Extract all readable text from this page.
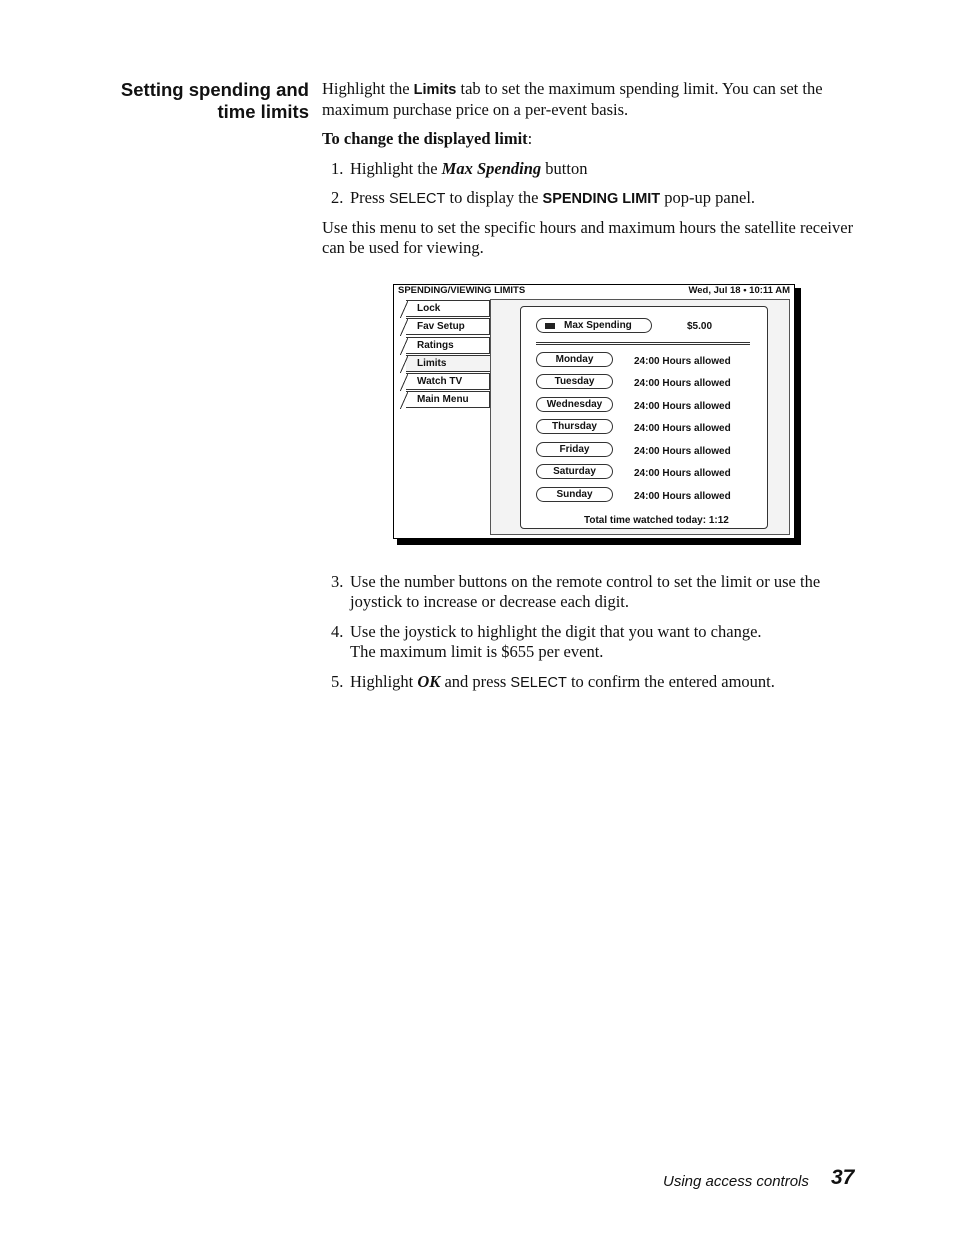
Setting spending and
time limits

Highlight the Limits tab to set the maximum spending limit. You can set the maximum purchase price on a per-event basis.

To change the displayed limit:

1. Highlight the Max Spending button
2. Press SELECT to display the SPENDING LIMIT pop-up panel.

Use this menu to set the specific hours and maximum hours the satellite receiver can be used for viewing.

SPENDING/VIEWING LIMITS	Wed, Jul 18 • 10:11 AM
Lock
Fav Setup
Ratings
Limits
Watch TV
Main Menu
Max Spending	$5.00
Monday	24:00 Hours allowed
Tuesday	24:00 Hours allowed
Wednesday	24:00 Hours allowed
Thursday	24:00 Hours allowed
Friday	24:00 Hours allowed
Saturday	24:00 Hours allowed
Sunday	24:00 Hours allowed
Total time watched today: 1:12
3. Use the number buttons on the remote control to set the limit or use the
joystick to increase or decrease each digit.
4. Use the joystick to highlight the digit that you want to change.
The maximum limit is $655 per event.
5. Highlight OK and press SELECT to confirm the entered amount.
Using access controls 37
